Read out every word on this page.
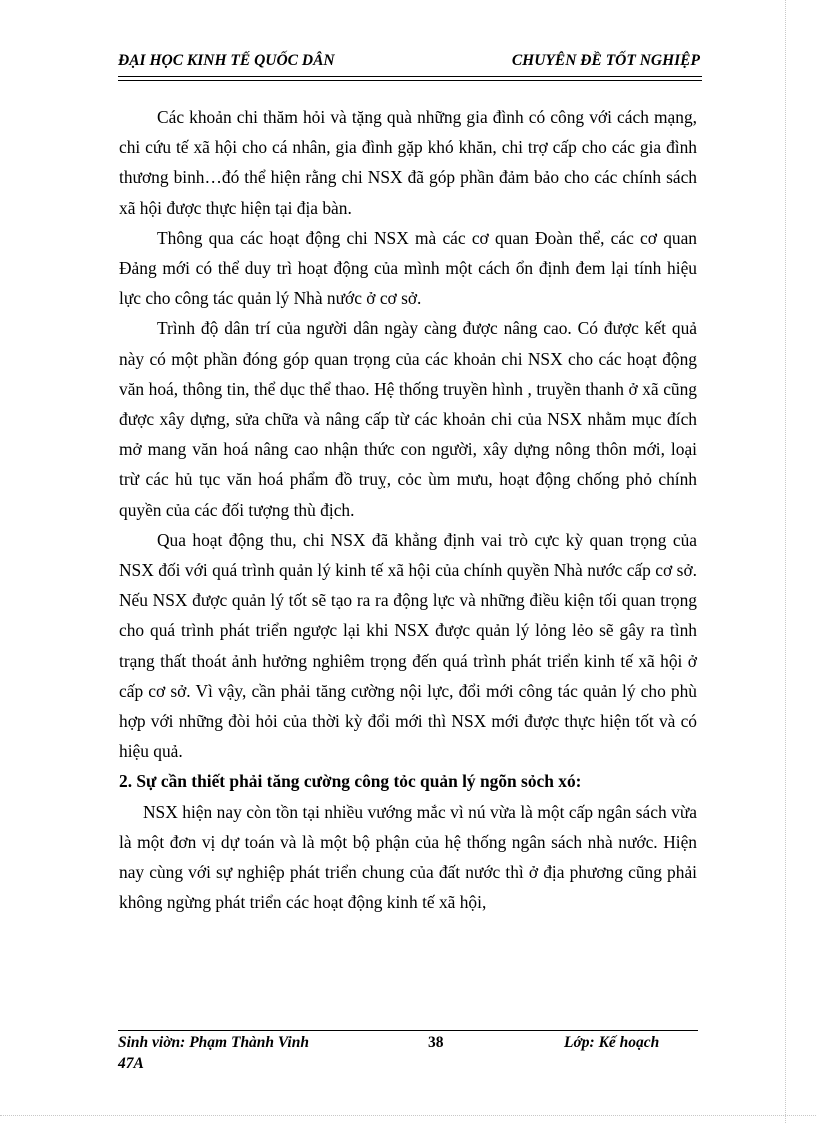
ĐẠI HỌC KINH TẾ QUỐC DÂN	CHUYÊN ĐỀ TỐT NGHIỆP

Các khoản chi thăm hỏi và tặng quà những gia đình có công với cách mạng, chi cứu tế xã hội cho cá nhân, gia đình gặp khó khăn, chi trợ cấp cho các gia đình thương binh…đó thể hiện rằng chi NSX đã góp phần đảm bảo cho các chính sách xã hội được thực hiện tại địa bàn.

Thông qua các hoạt động chi NSX mà các cơ quan Đoàn thể, các cơ quan Đảng mới có thể duy trì hoạt động của mình một cách ổn định đem lại tính hiệu lực cho công tác quản lý Nhà nước ở cơ sở.

Trình độ dân trí của người dân ngày càng được nâng cao. Có được kết quả này có một phần đóng góp quan trọng của các khoản chi NSX cho các hoạt động văn hoá, thông tin, thể dục thể thao. Hệ thống truyền hình , truyền thanh ở xã cũng được xây dựng, sửa chữa và nâng cấp từ các khoản chi của NSX nhằm mục đích mở mang văn hoá nâng cao nhận thức con người, xây dựng nông thôn mới, loại trừ các hủ tục văn hoá phẩm đồ truỵ, cỏc ùm mưu, hoạt động chống phỏ chính quyền của các đối tượng thù địch.

Qua hoạt động thu, chi NSX đã khẳng định vai trò cực kỳ quan trọng của NSX đối với quá trình quản lý kinh tế xã hội của chính quyền Nhà nước cấp cơ sở. Nếu NSX được quản lý tốt sẽ tạo ra ra động lực và những điều kiện tối quan trọng cho quá trình phát triển ngược lại khi NSX được quản lý lỏng lẻo sẽ gây ra tình trạng thất thoát ảnh hưởng nghiêm trọng đến quá trình phát triển kinh tế xã hội ở cấp cơ sở. Vì vậy, cần phải tăng cường nội lực, đổi mới công tác quản lý cho phù hợp với những đòi hỏi của thời kỳ đổi mới thì NSX mới được thực hiện tốt và có hiệu quả.

2. Sự cần thiết phải tăng cường công tỏc quản lý ngõn sỏch xó:

NSX hiện nay còn tồn tại nhiều vướng mắc vì nú vừa là một cấp ngân sách vừa là một đơn vị dự toán và là một bộ phận của hệ thống ngân sách nhà nước. Hiện nay cùng với sự nghiệp phát triển chung của đất nước thì ở địa phương cũng phải không ngừng phát triển các hoạt động kinh tế xã hội,

Sinh viờn: Phạm Thành Vinh	38	Lớp: Kế hoạch
47A
